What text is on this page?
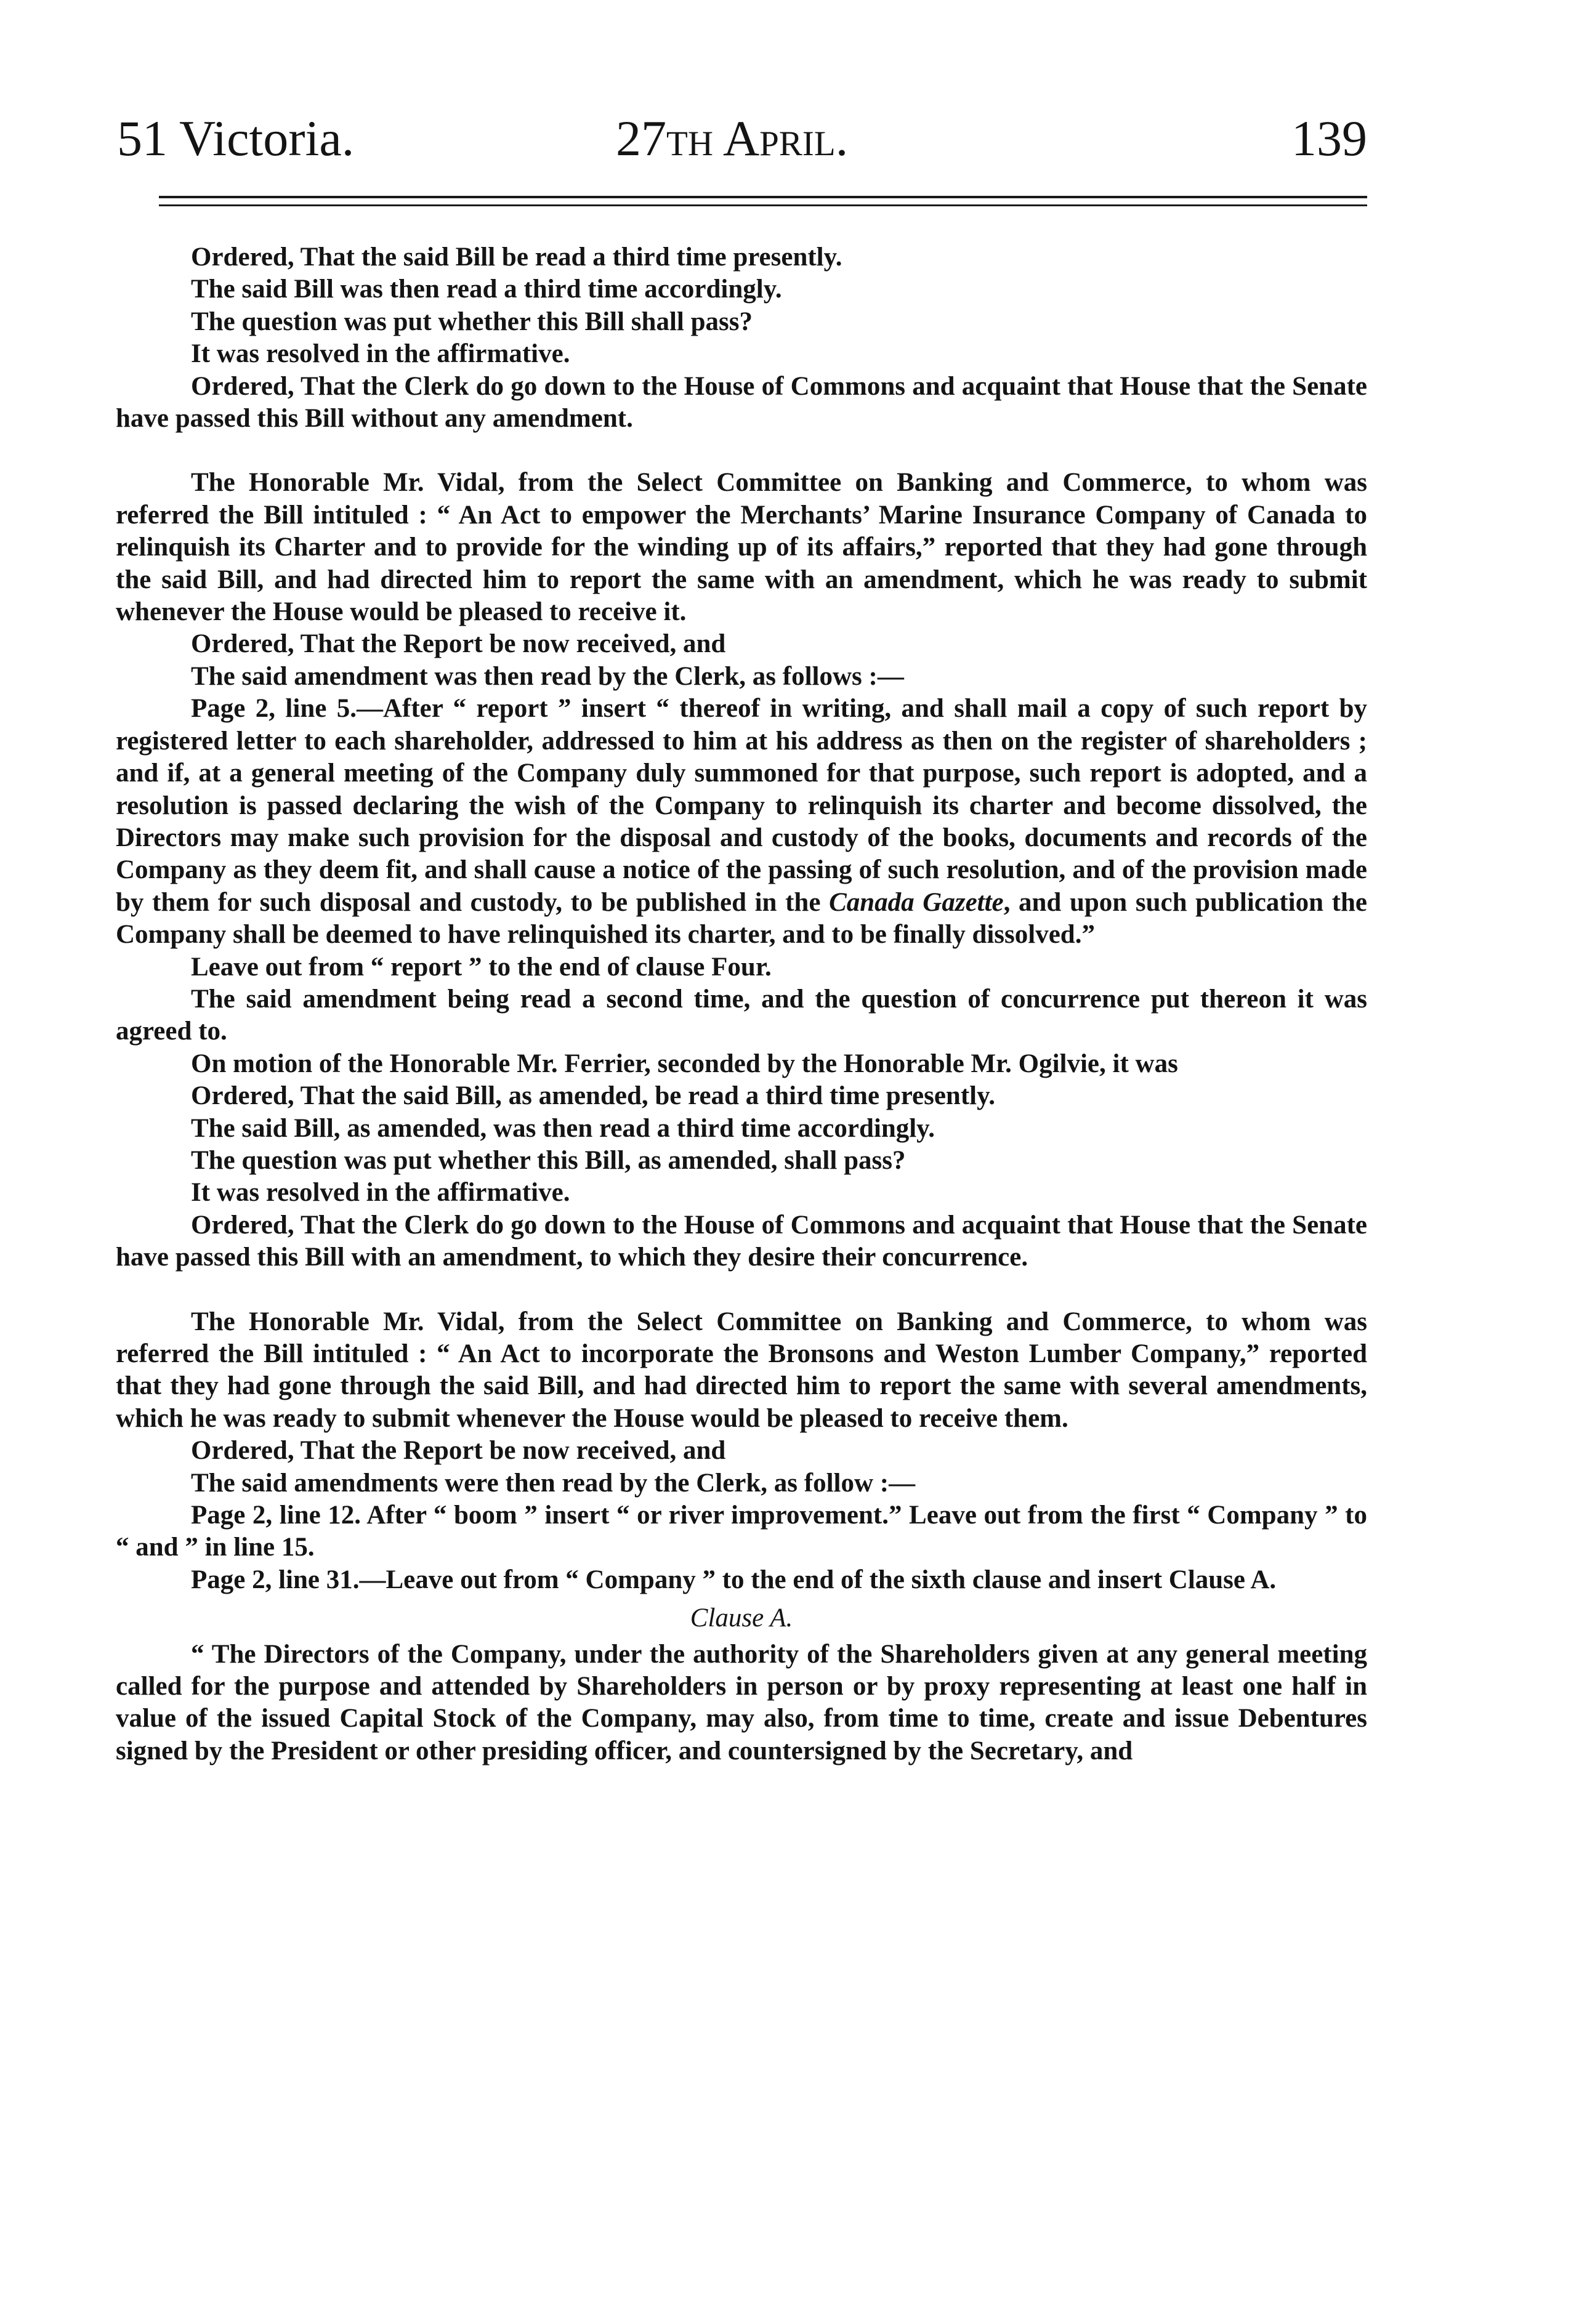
51 Victoria.	27th April.	139

Ordered, That the said Bill be read a third time presently.

The said Bill was then read a third time accordingly.

The question was put whether this Bill shall pass?

It was resolved in the affirmative.

Ordered, That the Clerk do go down to the House of Commons and acquaint that House that the Senate have passed this Bill without any amendment.

The Honorable Mr. Vidal, from the Select Committee on Banking and Commerce, to whom was referred the Bill intituled : “ An Act to empower the Merchants’ Marine Insurance Company of Canada to relinquish its Charter and to provide for the winding up of its affairs,” reported that they had gone through the said Bill, and had directed him to report the same with an amendment, which he was ready to submit whenever the House would be pleased to receive it.

Ordered, That the Report be now received, and

The said amendment was then read by the Clerk, as follows :—

Page 2, line 5.—After “ report ” insert “ thereof in writing, and shall mail a copy of such report by registered letter to each shareholder, addressed to him at his address as then on the register of shareholders ; and if, at a general meeting of the Company duly summoned for that purpose, such report is adopted, and a resolution is passed declaring the wish of the Company to relinquish its charter and become dissolved, the Directors may make such provision for the disposal and custody of the books, documents and records of the Company as they deem fit, and shall cause a notice of the passing of such resolution, and of the provision made by them for such disposal and custody, to be published in the Canada Gazette, and upon such publication the Company shall be deemed to have relinquished its charter, and to be finally dissolved.”

Leave out from “ report ” to the end of clause Four.

The said amendment being read a second time, and the question of concurrence put thereon it was agreed to.

On motion of the Honorable Mr. Ferrier, seconded by the Honorable Mr. Ogilvie, it was

Ordered, That the said Bill, as amended, be read a third time presently.

The said Bill, as amended, was then read a third time accordingly.

The question was put whether this Bill, as amended, shall pass?

It was resolved in the affirmative.

Ordered, That the Clerk do go down to the House of Commons and acquaint that House that the Senate have passed this Bill with an amendment, to which they desire their concurrence.

The Honorable Mr. Vidal, from the Select Committee on Banking and Commerce, to whom was referred the Bill intituled : “ An Act to incorporate the Bronsons and Weston Lumber Company,” reported that they had gone through the said Bill, and had directed him to report the same with several amendments, which he was ready to submit whenever the House would be pleased to receive them.

Ordered, That the Report be now received, and

The said amendments were then read by the Clerk, as follow :—

Page 2, line 12. After “ boom ” insert “ or river improvement.” Leave out from the first “ Company ” to “ and ” in line 15.

Page 2, line 31.—Leave out from “ Company ” to the end of the sixth clause and insert Clause A.

Clause A.

“ The Directors of the Company, under the authority of the Shareholders given at any general meeting called for the purpose and attended by Shareholders in person or by proxy representing at least one half in value of the issued Capital Stock of the Company, may also, from time to time, create and issue Debentures signed by the President or other presiding officer, and countersigned by the Secretary, and
